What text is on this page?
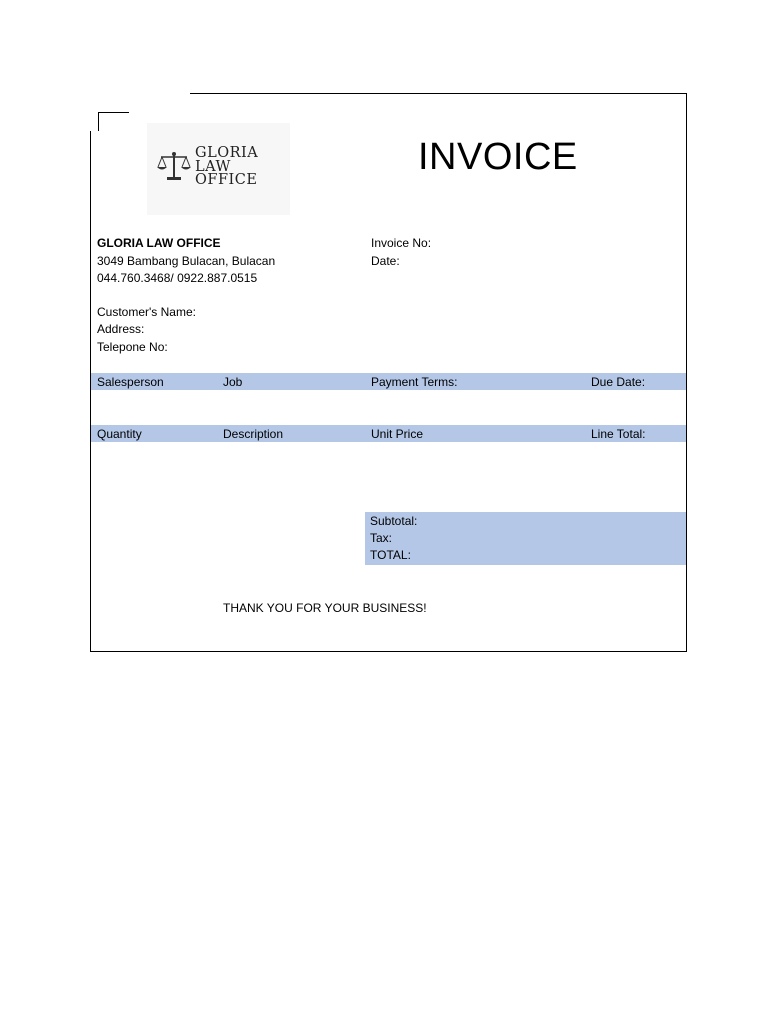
GLORIA
LAW
OFFICE
INVOICE
GLORIA LAW OFFICE
3049 Bambang Bulacan, Bulacan
044.760.3468/ 0922.887.0515
Invoice No:
Date:
Customer's Name:
Address:
Telepone No:
Salesperson	Job	Payment Terms:	Due Date:
Quantity	Description	Unit Price	Line Total:
Subtotal:
Tax:
TOTAL:
THANK YOU FOR YOUR BUSINESS!
